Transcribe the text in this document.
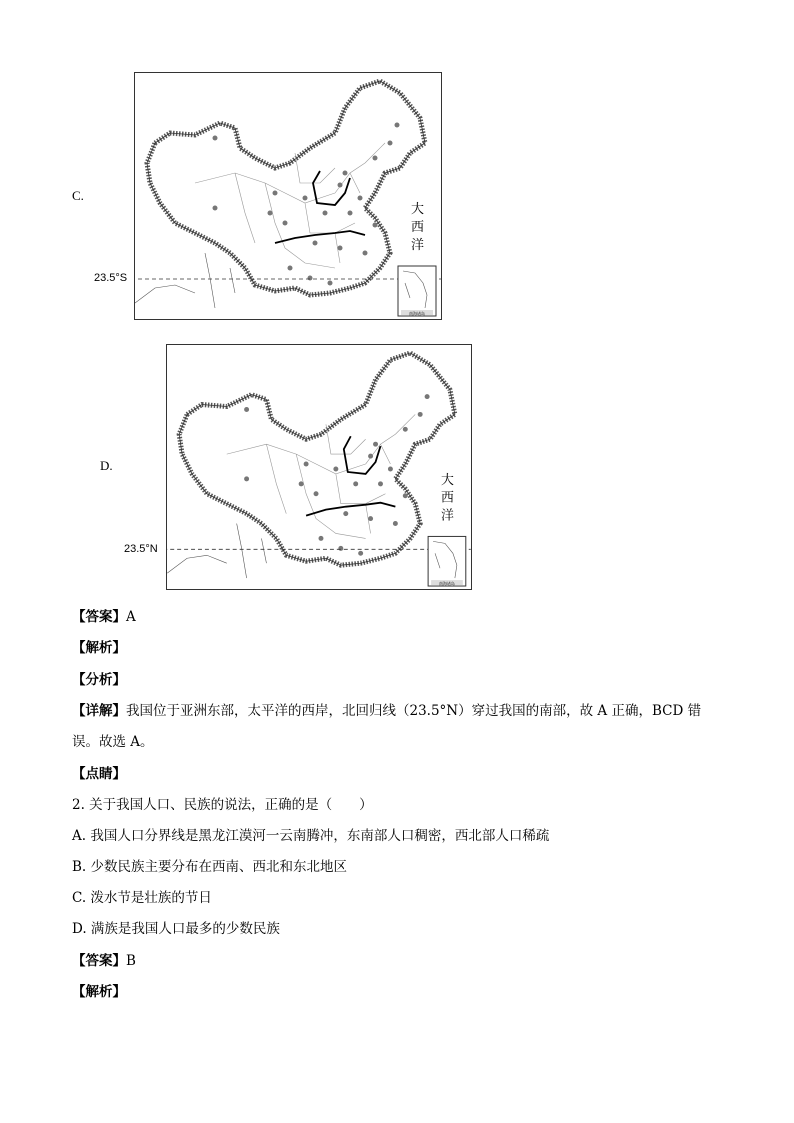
C.
23.5°S
大
西
洋
南海诸岛
D.
23.5°N
大
西
洋
南海诸岛
【答案】A
【解析】
【分析】
【详解】我国位于亚洲东部，太平洋的西岸，北回归线（23.5°N）穿过我国的南部，故 A 正确，BCD 错
误。故选 A。
【点睛】
2. 关于我国人口、民族的说法，正确的是（　　）
A. 我国人口分界线是黑龙江漠河一云南腾冲，东南部人口稠密，西北部人口稀疏
B. 少数民族主要分布在西南、西北和东北地区
C. 泼水节是壮族的节日
D. 满族是我国人口最多的少数民族
【答案】B
【解析】
